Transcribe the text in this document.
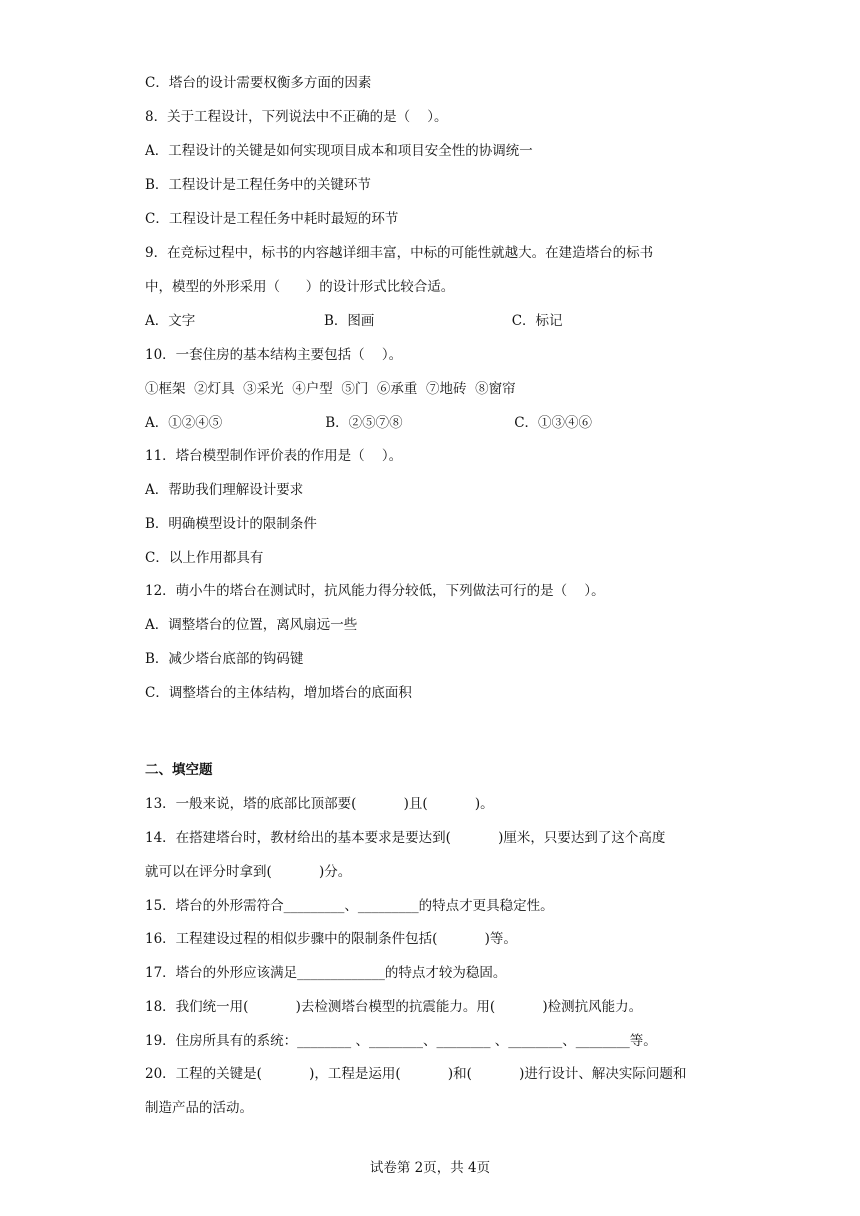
C．塔台的设计需要权衡多方面的因素
8．关于工程设计，下列说法中不正确的是（    ）。
A．工程设计的关键是如何实现项目成本和项目安全性的协调统一
B．工程设计是工程任务中的关键环节
C．工程设计是工程任务中耗时最短的环节
9．在竞标过程中，标书的内容越详细丰富，中标的可能性就越大。在建造塔台的标书
中，模型的外形采用（      ）的设计形式比较合适。
A．文字                              B．图画                                C．标记
10．一套住房的基本结构主要包括（    ）。
①框架  ②灯具  ③采光  ④户型  ⑤门  ⑥承重  ⑦地砖  ⑧窗帘
A．①②④⑤                        B．②⑤⑦⑧                          C．①③④⑥
11．塔台模型制作评价表的作用是（    ）。
A．帮助我们理解设计要求
B．明确模型设计的限制条件
C．以上作用都具有
12．萌小牛的塔台在测试时，抗风能力得分较低，下列做法可行的是（    ）。
A．调整塔台的位置，离风扇远一些
B．减少塔台底部的钩码键
C．调整塔台的主体结构，增加塔台的底面积
二、填空题
13．一般来说，塔的底部比顶部要(           )且(           )。
14．在搭建塔台时，教材给出的基本要求是要达到(           )厘米，只要达到了这个高度
就可以在评分时拿到(           )分。
15．塔台的外形需符合_________、_________的特点才更具稳定性。
16．工程建设过程的相似步骤中的限制条件包括(           )等。
17．塔台的外形应该满足_____________的特点才较为稳固。
18．我们统一用(           )去检测塔台模型的抗震能力。用(           )检测抗风能力。
19．住房所具有的系统：________ 、________、________ 、________、________等。
20．工程的关键是(           )，工程是运用(           )和(           )进行设计、解决实际问题和
制造产品的活动。
试卷第 2页，共 4页
